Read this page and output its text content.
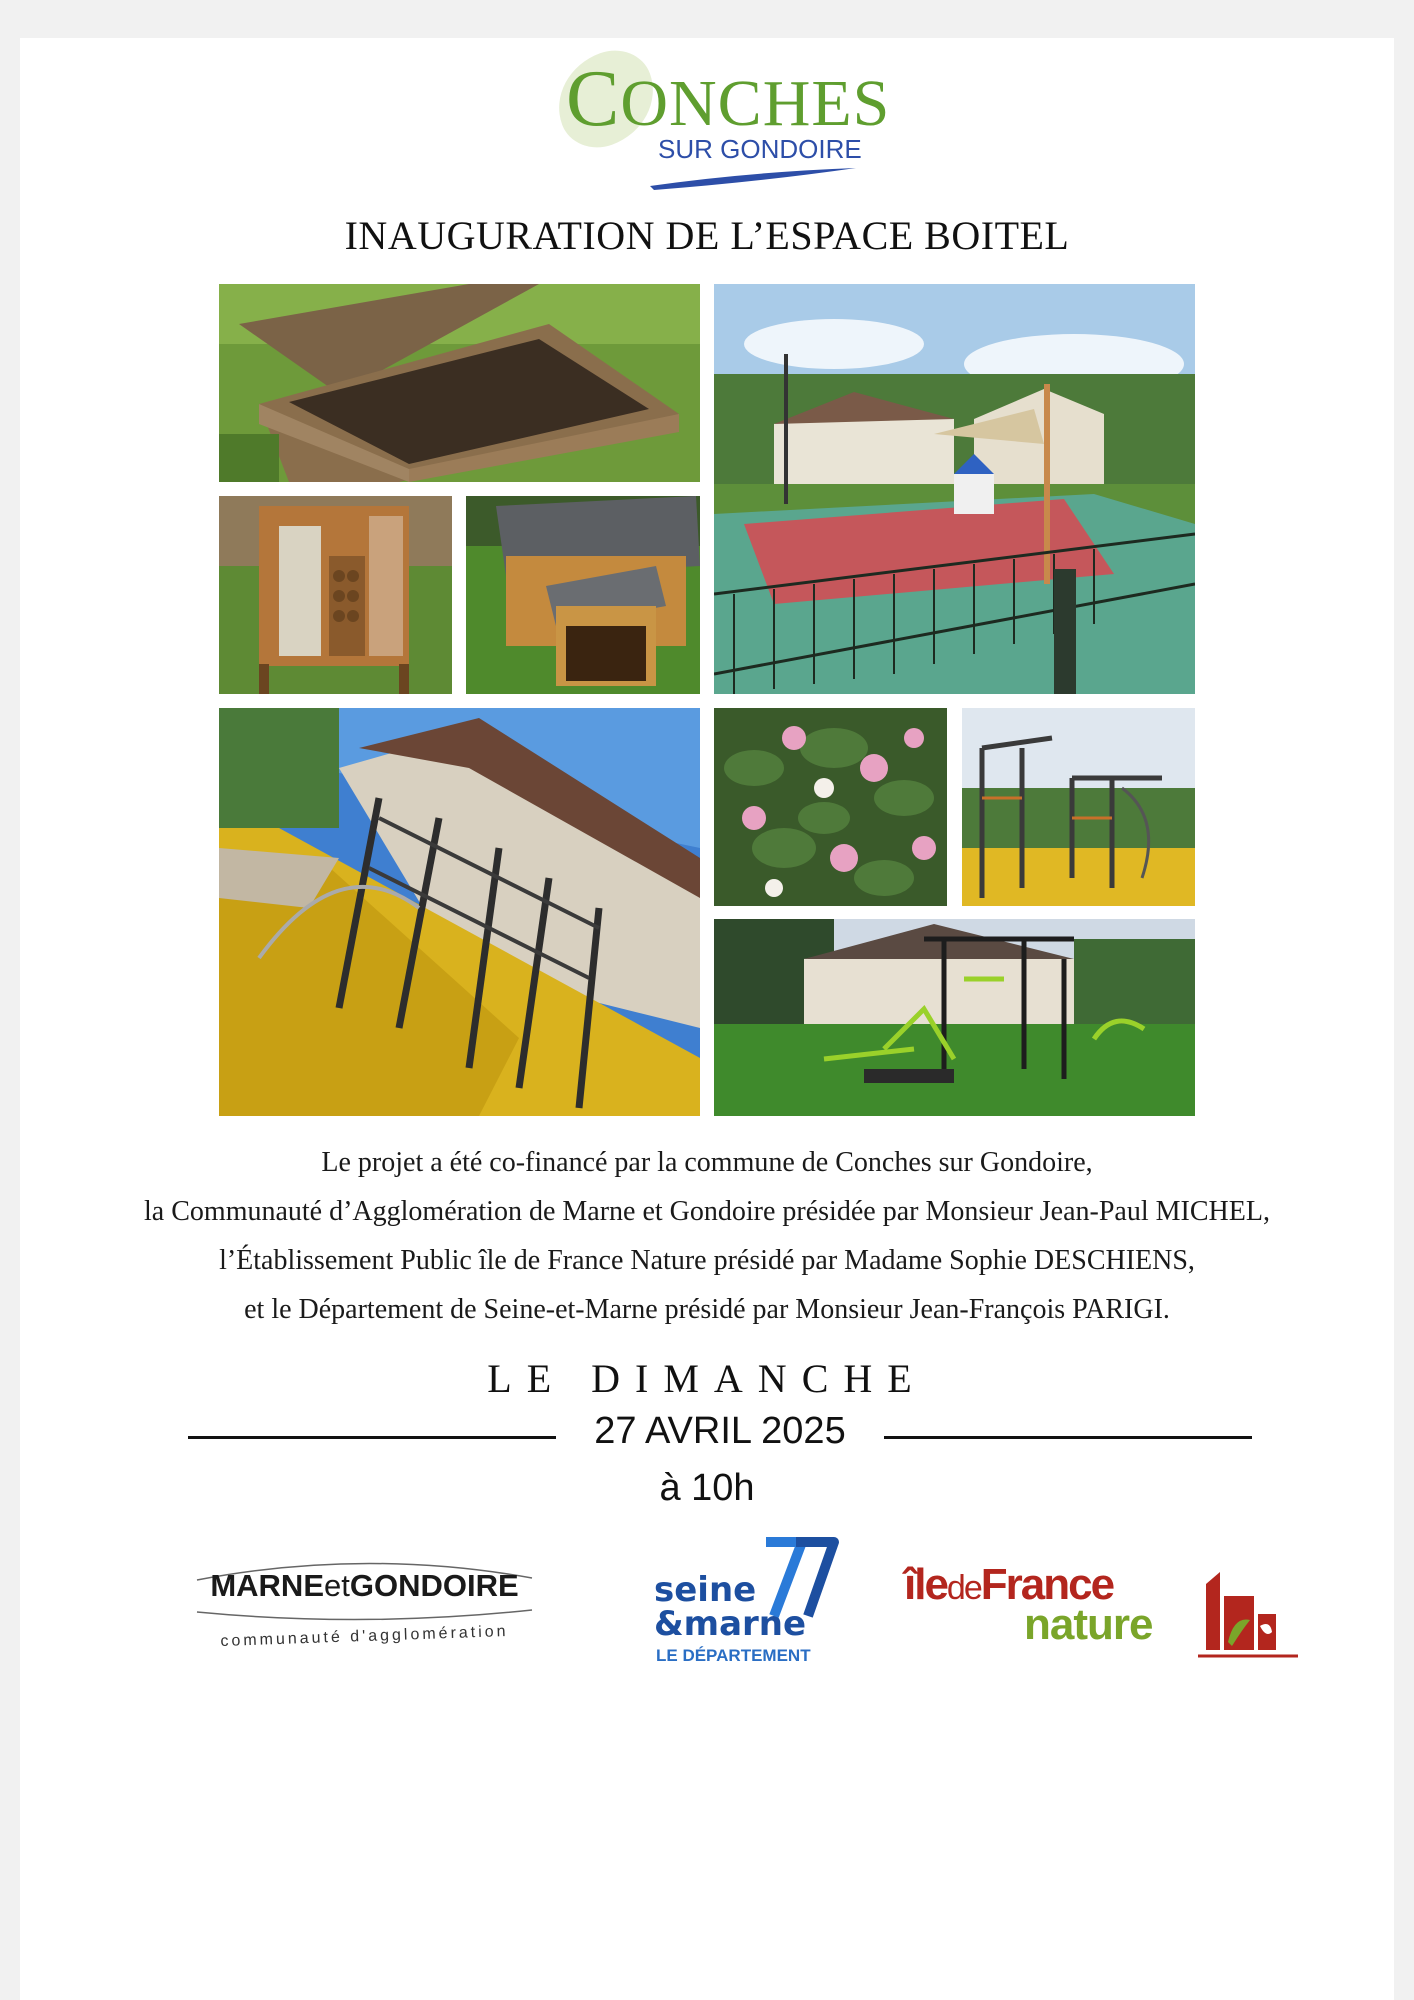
CONCHES
SUR GONDOIRE
INAUGURATION DE L’ESPACE BOITEL
Le projet a été co-financé par la commune de Conches sur Gondoire,
la Communauté d’Agglomération de Marne et Gondoire présidée par Monsieur Jean-Paul MICHEL,
l’Établissement Public île de France Nature présidé par Madame Sophie DESCHIENS,
et le Département de Seine-et-Marne présidé par Monsieur Jean-François PARIGI.
LE DIMANCHE
27 AVRIL 2025
à 10h
MARNEetGONDOIRE
communauté d'agglomération
seine
&marne
LE DÉPARTEMENT
îledeFrance
nature
